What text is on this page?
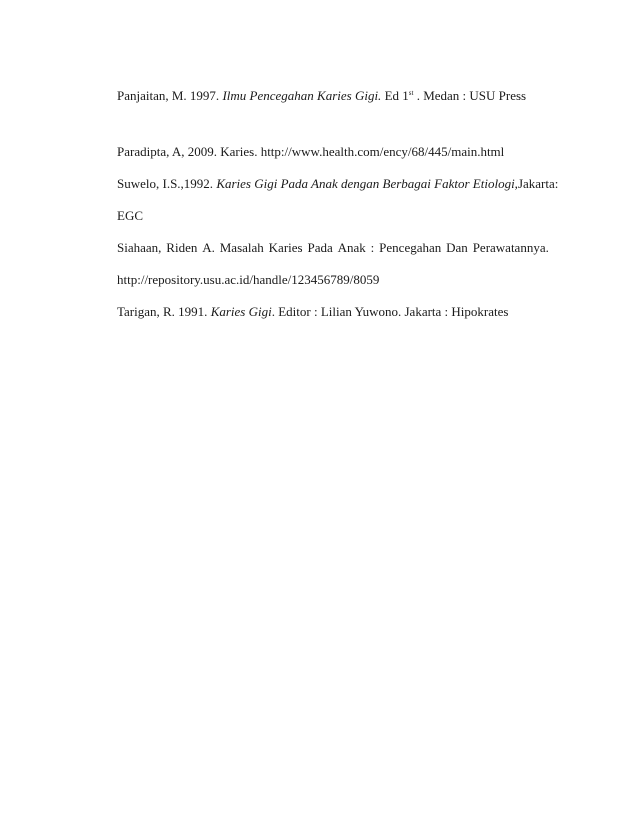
Panjaitan, M. 1997. Ilmu Pencegahan Karies Gigi. Ed 1st . Medan : USU Press
Paradipta, A, 2009. Karies. http://www.health.com/ency/68/445/main.html
Suwelo, I.S.,1992. Karies Gigi Pada Anak dengan Berbagai Faktor Etiologi, Jakarta:
EGC
Siahaan, Riden A. Masalah Karies Pada Anak : Pencegahan Dan Perawatannya.
http://repository.usu.ac.id/handle/123456789/8059
Tarigan, R. 1991. Karies Gigi. Editor : Lilian Yuwono. Jakarta : Hipokrates
